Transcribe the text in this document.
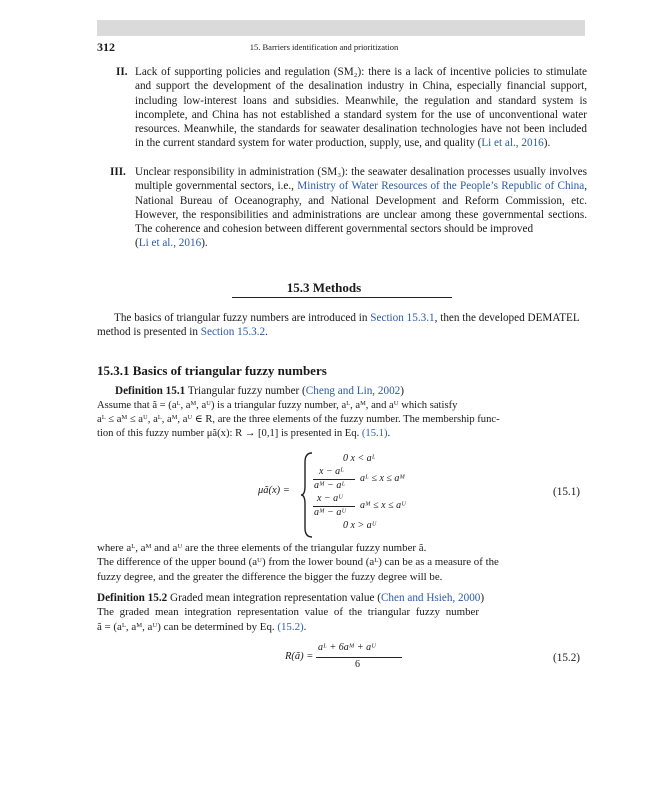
312	15. Barriers identification and prioritization
II. Lack of supporting policies and regulation (SM₂): there is a lack of incentive policies to stimulate and support the development of the desalination industry in China, especially financial support, including low-interest loans and subsidies. Meanwhile, the regulation and standard system is incomplete, and China has not established a standard system for the use of unconventional water resources. Meanwhile, the standards for seawater desalination technologies have not been included in the current standard system for water production, supply, use, and quality (Li et al., 2016).
III. Unclear responsibility in administration (SM₃): the seawater desalination processes usually involves multiple governmental sectors, i.e., Ministry of Water Resources of the People’s Republic of China, National Bureau of Oceanography, and National Development and Reform Commission, etc. However, the responsibilities and administrations are unclear among these governmental sections. The coherence and cohesion between different governmental sectors should be improved
(Li et al., 2016).
15.3 Methods
The basics of triangular fuzzy numbers are introduced in Section 15.3.1, then the developed DEMATEL method is presented in Section 15.3.2.
15.3.1 Basics of triangular fuzzy numbers
Definition 15.1 Triangular fuzzy number (Cheng and Lin, 2002)
Assume that ã = (aᴸ, aᴹ, aᵁ) is a triangular fuzzy number, aᴸ, aᴹ, and aᵁ which satisfy
aᴸ ≤ aᴹ ≤ aᵁ, aᴸ, aᴹ, aᵁ ∈ R, are the three elements of the fuzzy number. The membership func-
tion of this fuzzy number μã(x): R → [0,1] is presented in Eq. (15.1).
μã(x) =
0 x < aᴸ
x − aᴸ
aᴹ − aᴸ
aᴸ ≤ x ≤ aᴹ
x − aᵁ
aᴹ − aᵁ
aᴹ ≤ x ≤ aᵁ
0 x > aᵁ
(15.1)
where aᴸ, aᴹ and aᵁ are the three elements of the triangular fuzzy number ã.
The difference of the upper bound (aᵁ) from the lower bound (aᴸ) can be as a measure of the
fuzzy degree, and the greater the difference the bigger the fuzzy degree will be.
Definition 15.2 Graded mean integration representation value (Chen and Hsieh, 2000)
The graded mean integration representation value of the triangular fuzzy number
ã = (aᴸ, aᴹ, aᵁ) can be determined by Eq. (15.2).
R(ã) =
aᴸ + 6aᴹ + aᵁ
6
(15.2)
